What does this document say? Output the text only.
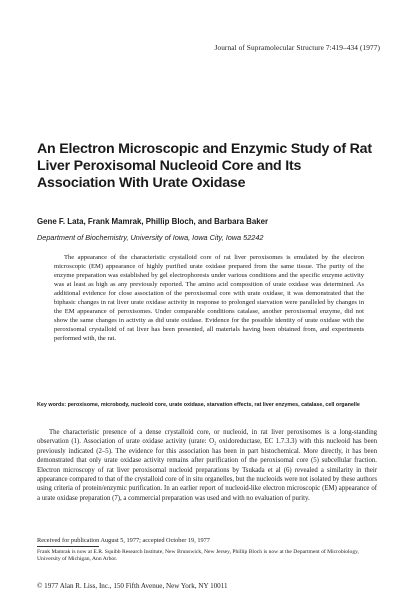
Journal of Supramolecular Structure 7:419–434 (1977)
An Electron Microscopic and Enzymic Study of Rat Liver Peroxisomal Nucleoid Core and Its Association With Urate Oxidase
Gene F. Lata, Frank Mamrak, Phillip Bloch, and Barbara Baker
Department of Biochemistry, University of Iowa, Iowa City, Iowa 52242

The appearance of the characteristic crystalloid core of rat liver peroxisomes is emulated by the electron microscopic (EM) appearance of highly purified urate oxidase prepared from the same tissue. The purity of the enzyme preparation was established by gel electrophoresis under various conditions and the specific enzyme activity was at least as high as any previously reported. The amino acid composition of urate oxidase was determined. As additional evidence for close association of the peroxisomal core with urate oxidase, it was demonstrated that the biphasic changes in rat liver urate oxidase activity in response to prolonged starvation were paralleled by changes in the EM appearance of peroxisomes. Under comparable conditions catalase, another peroxisomal enzyme, did not show the same changes in activity as did urate oxidase. Evidence for the possible identity of urate oxidase with the peroxisomal crystalloid of rat liver has been presented, all materials having been obtained from, and experiments performed with, the rat.

Key words: peroxisome, microbody, nucleoid core, urate oxidase, starvation effects, rat liver enzymes, catalase, cell organelle

The characteristic presence of a dense crystalloid core, or nucleoid, in rat liver peroxisomes is a long-standing observation (1). Association of urate oxidase activity (urate: O₂ oxidoreductase, EC 1.7.3.3) with this nucleoid has been previously indicated (2–5). The evidence for this association has been in part histochemical. More directly, it has been demonstrated that only urate oxidase activity remains after purification of the peroxisomal core (5) subcellular fraction. Electron microscopy of rat liver peroxisomal nucleoid preparations by Tsukada et al (6) revealed a similarity in their appearance compared to that of the crystalloid core of in situ organelles, but the nucleoids were not isolated by these authors using criteria of protein/enzymic purification. In an earlier report of nucleoid-like electron microscopic (EM) appearance of a urate oxidase preparation (7), a commercial preparation was used and with no evaluation of purity.

Received for publication August 5, 1977; accepted October 19, 1977

Frank Mamrak is now at E.R. Squibb Research Institute, New Brunswick, New Jersey, Phillip Bloch is now at the Department of Microbiology, University of Michigan, Ann Arbor.

© 1977 Alan R. Liss, Inc., 150 Fifth Avenue, New York, NY 10011
